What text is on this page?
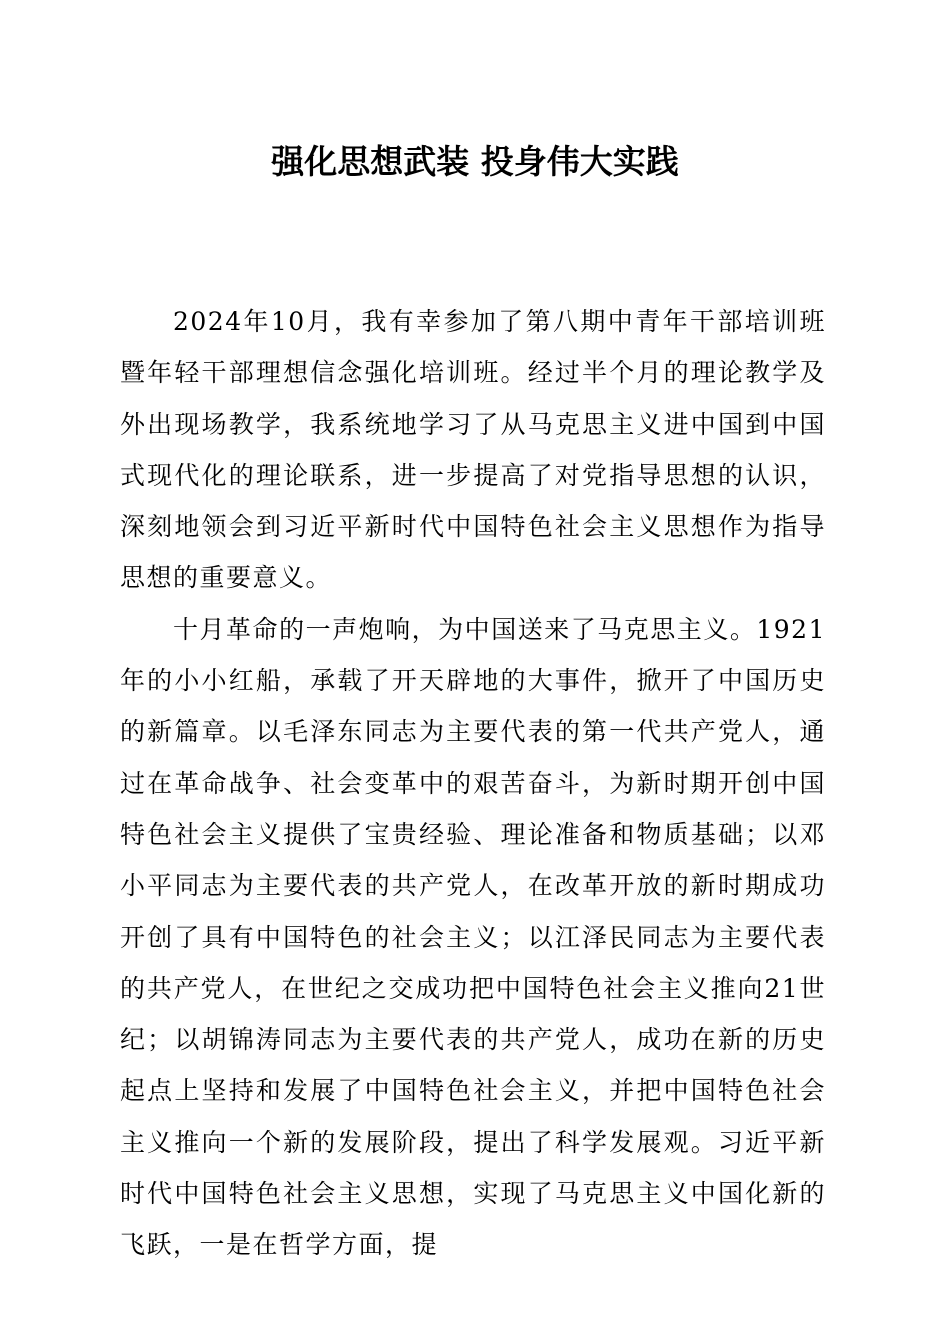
强化思想武装 投身伟大实践

2024年10月，我有幸参加了第八期中青年干部培训班暨年轻干部理想信念强化培训班。经过半个月的理论教学及外出现场教学，我系统地学习了从马克思主义进中国到中国式现代化的理论联系，进一步提高了对党指导思想的认识，深刻地领会到习近平新时代中国特色社会主义思想作为指导思想的重要意义。

十月革命的一声炮响，为中国送来了马克思主义。1921年的小小红船，承载了开天辟地的大事件，掀开了中国历史的新篇章。以毛泽东同志为主要代表的第一代共产党人，通过在革命战争、社会变革中的艰苦奋斗，为新时期开创中国特色社会主义提供了宝贵经验、理论准备和物质基础；以邓小平同志为主要代表的共产党人，在改革开放的新时期成功开创了具有中国特色的社会主义；以江泽民同志为主要代表的共产党人，在世纪之交成功把中国特色社会主义推向21世纪；以胡锦涛同志为主要代表的共产党人，成功在新的历史起点上坚持和发展了中国特色社会主义，并把中国特色社会主义推向一个新的发展阶段，提出了科学发展观。习近平新时代中国特色社会主义思想，实现了马克思主义中国化新的飞跃，一是在哲学方面，提
